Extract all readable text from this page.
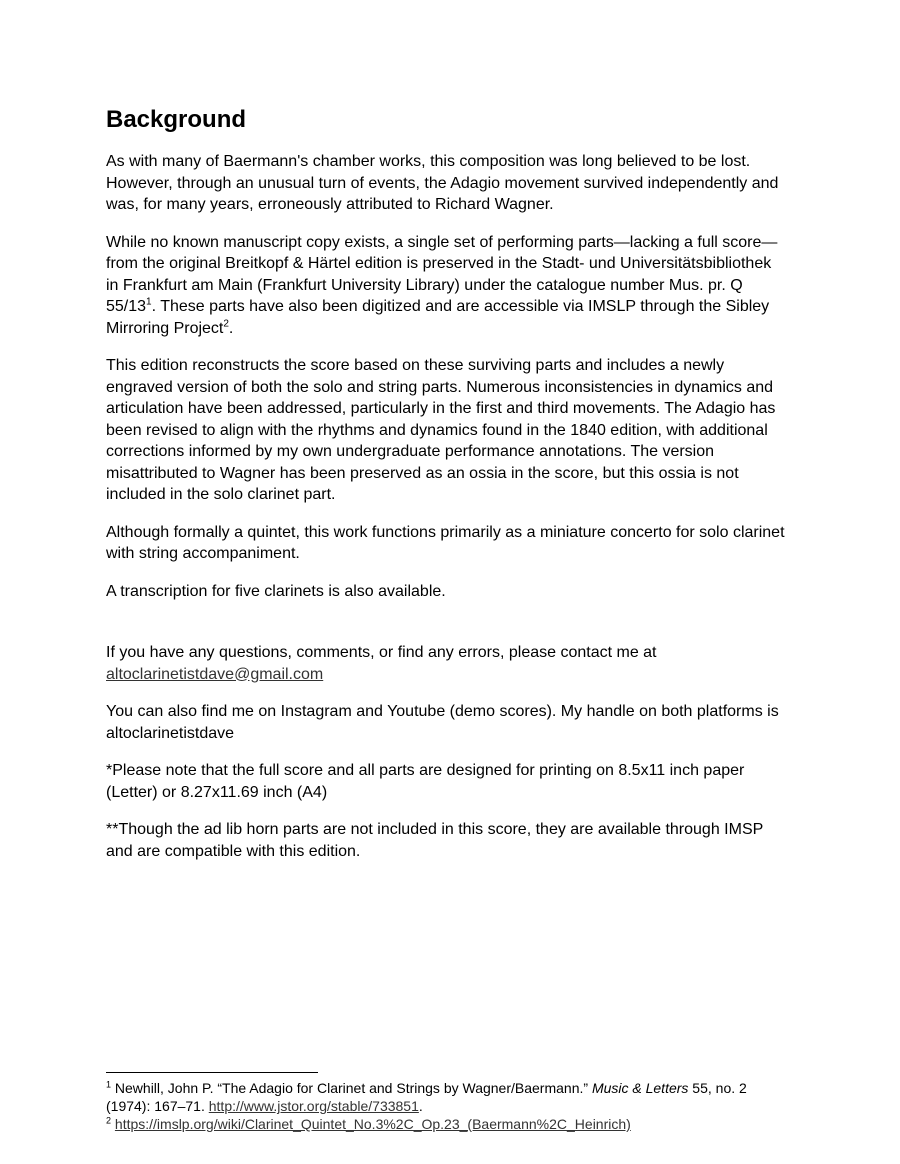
Background

As with many of Baermann's chamber works, this composition was long believed to be lost. However, through an unusual turn of events, the Adagio movement survived independently and was, for many years, erroneously attributed to Richard Wagner.

While no known manuscript copy exists, a single set of performing parts—lacking a full score—from the original Breitkopf & Härtel edition is preserved in the Stadt- und Universitätsbibliothek in Frankfurt am Main (Frankfurt University Library) under the catalogue number Mus. pr. Q $55/13^1$. These parts have also been digitized and are accessible via IMSLP through the Sibley Mirroring Project$^2$.

This edition reconstructs the score based on these surviving parts and includes a newly engraved version of both the solo and string parts. Numerous inconsistencies in dynamics and articulation have been addressed, particularly in the first and third movements. The Adagio has been revised to align with the rhythms and dynamics found in the 1840 edition, with additional corrections informed by my own undergraduate performance annotations. The version misattributed to Wagner has been preserved as an ossia in the score, but this ossia is not included in the solo clarinet part.

Although formally a quintet, this work functions primarily as a miniature concerto for solo clarinet with string accompaniment.

A transcription for five clarinets is also available.

If you have any questions, comments, or find any errors, please contact me at
altoclarinetistdave@gmail.com

You can also find me on Instagram and Youtube (demo scores). My handle on both platforms is altoclarinetistdave

*Please note that the full score and all parts are designed for printing on 8.5x11 inch paper (Letter) or 8.27x11.69 inch (A4)

**Though the ad lib horn parts are not included in this score, they are available through IMSP and are compatible with this edition.

$^1$ Newhill, John P. “The Adagio for Clarinet and Strings by Wagner/Baermann.” Music & Letters 55, no. 2 (1974): 167–71. http://www.jstor.org/stable/733851.

$^2$ https://imslp.org/wiki/Clarinet_Quintet_No.3%2C_Op.23_(Baermann%2C_Heinrich)
